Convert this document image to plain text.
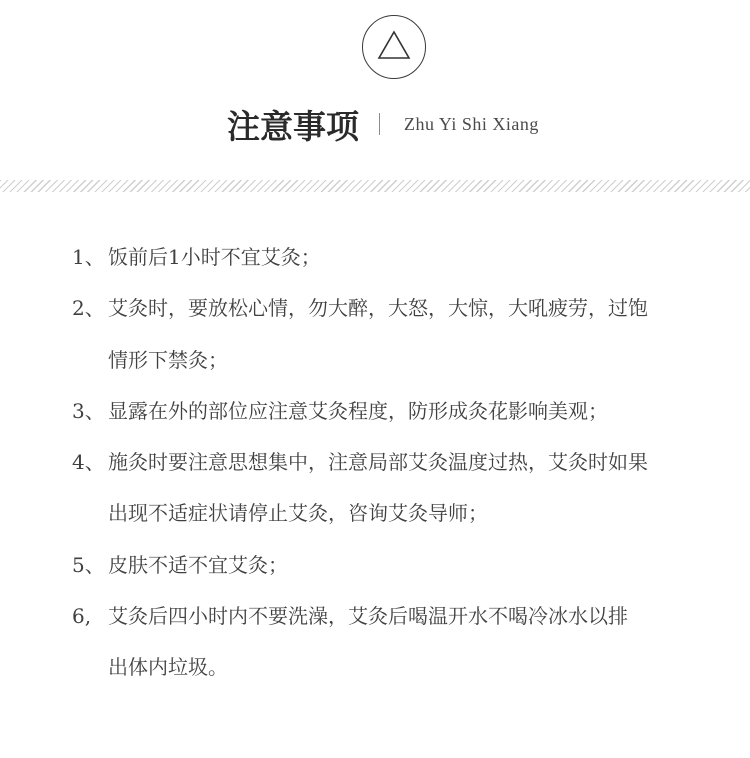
注意事项	Zhu Yi Shi Xiang
1、 饭前后1小时不宜艾灸；
2、 艾灸时，要放松心情，勿大醉，大怒，大惊，大吼疲劳，过饱
情形下禁灸；
3、 显露在外的部位应注意艾灸程度，防形成灸花影响美观；
4、 施灸时要注意思想集中，注意局部艾灸温度过热，艾灸时如果
出现不适症状请停止艾灸，咨询艾灸导师；
5、 皮肤不适不宜艾灸；
6, 艾灸后四小时内不要洗澡，艾灸后喝温开水不喝冷冰水以排
出体内垃圾。
